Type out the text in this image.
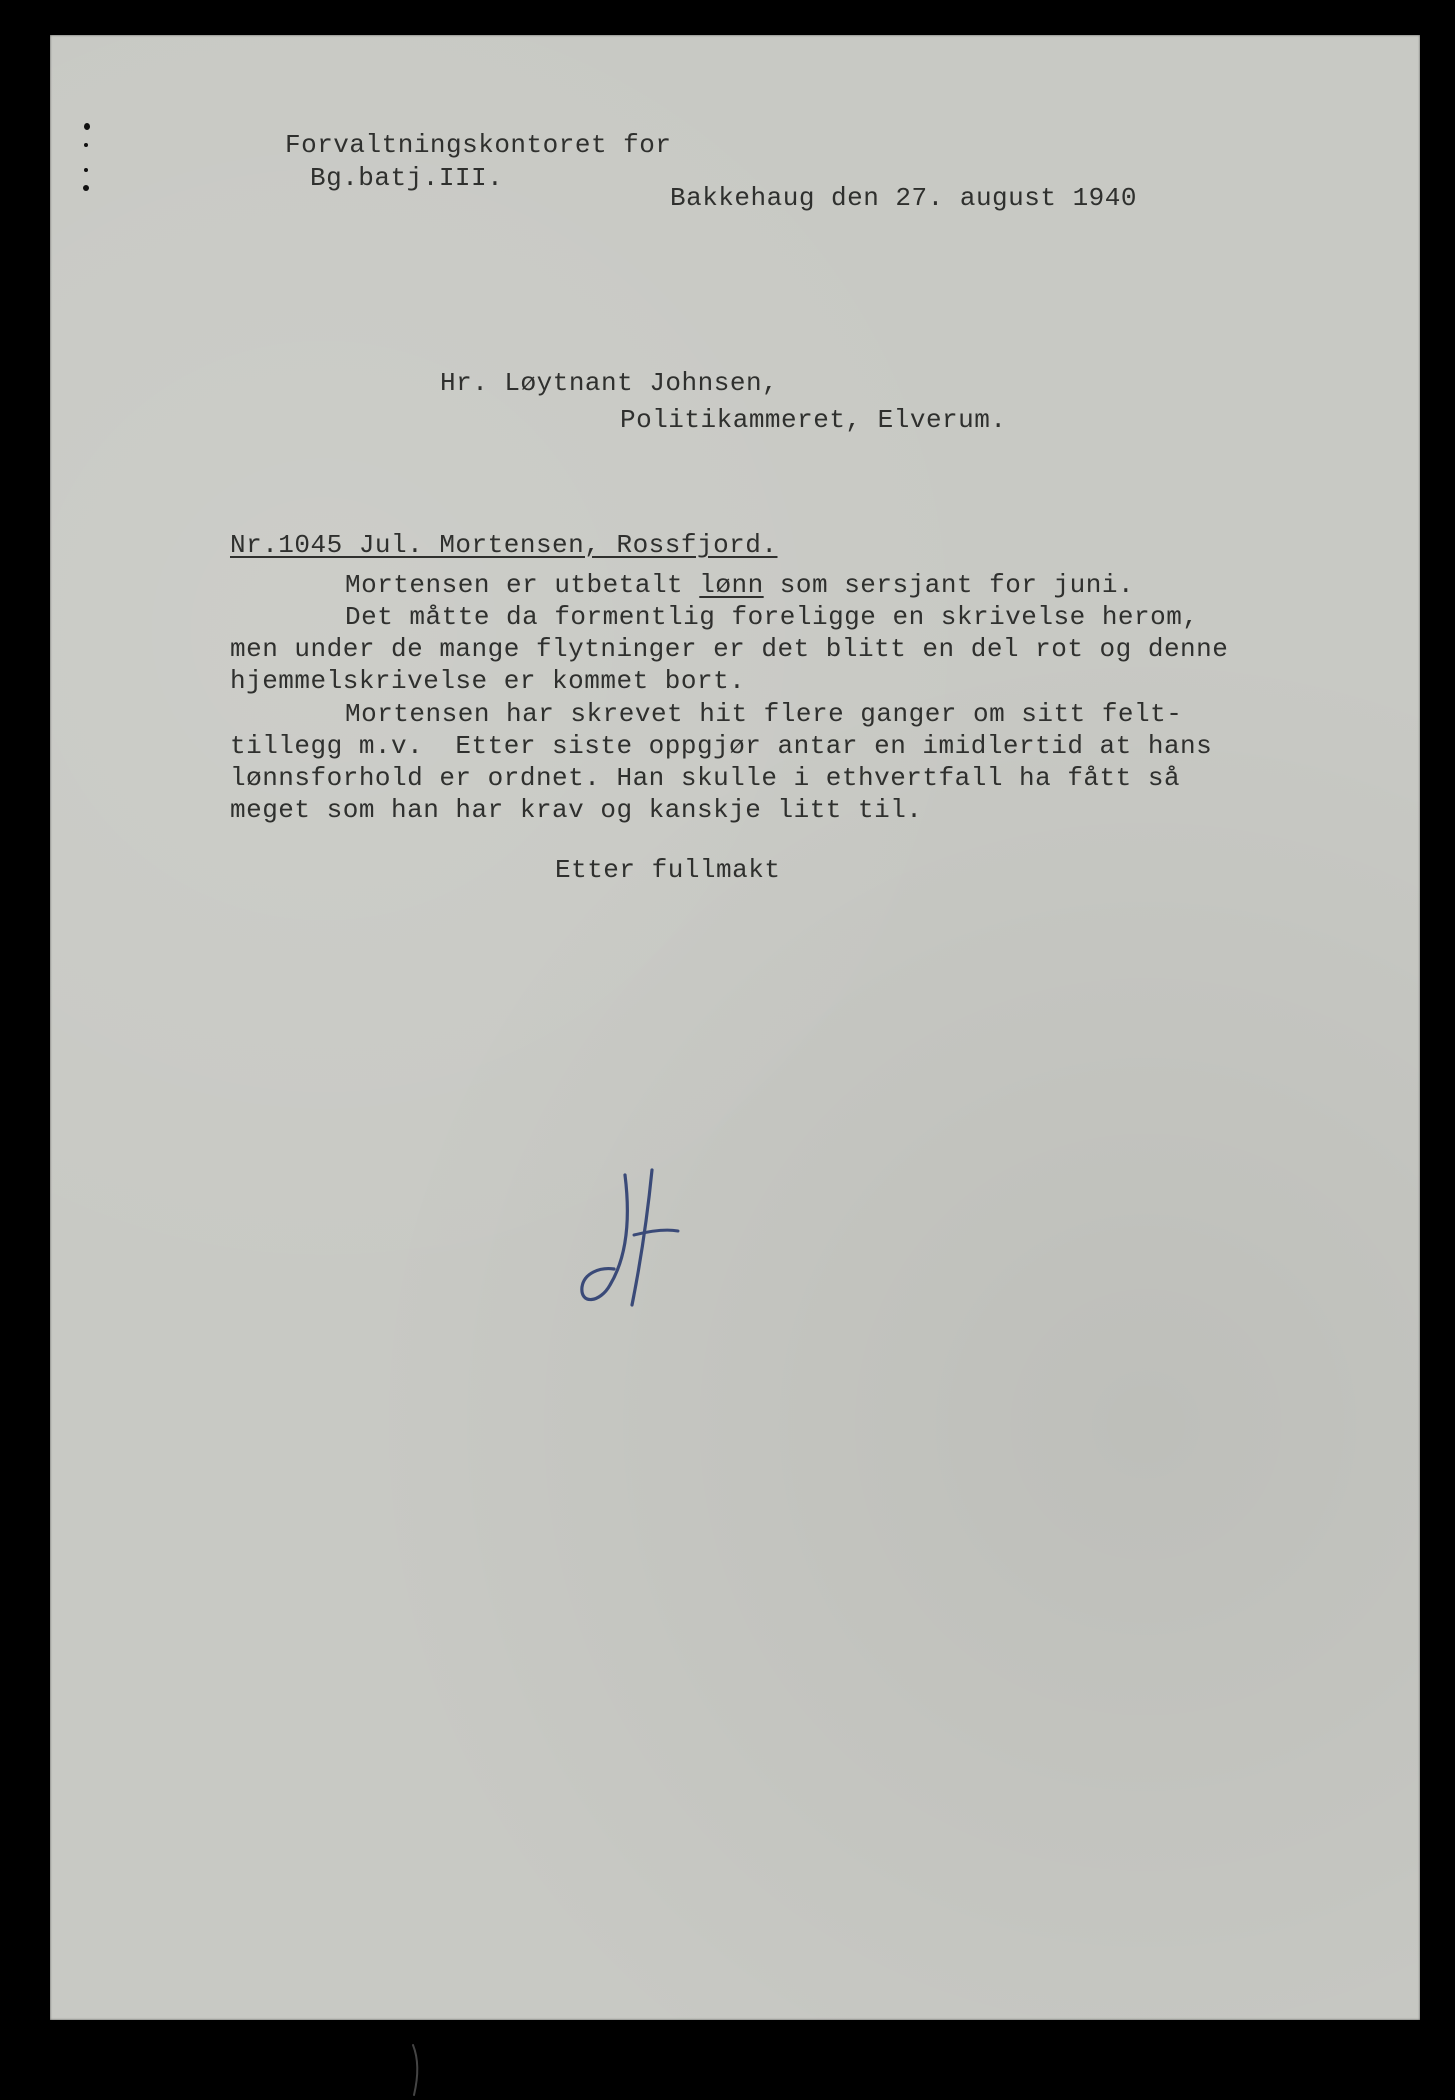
Forvaltningskontoret for
Bg.batj.III.
Bakkehaug den 27. august 1940
Hr. Løytnant Johnsen,
Politikammeret, Elverum.
Nr.1045 Jul. Mortensen, Rossfjord.
Mortensen er utbetalt lønn som sersjant for juni.
Det måtte da formentlig foreligge en skrivelse herom,
men under de mange flytninger er det blitt en del rot og denne
hjemmelskrivelse er kommet bort.
Mortensen har skrevet hit flere ganger om sitt felt-
tillegg m.v.  Etter siste oppgjør antar en imidlertid at hans
lønnsforhold er ordnet. Han skulle i ethvertfall ha fått så
meget som han har krav og kanskje litt til.
Etter fullmakt
